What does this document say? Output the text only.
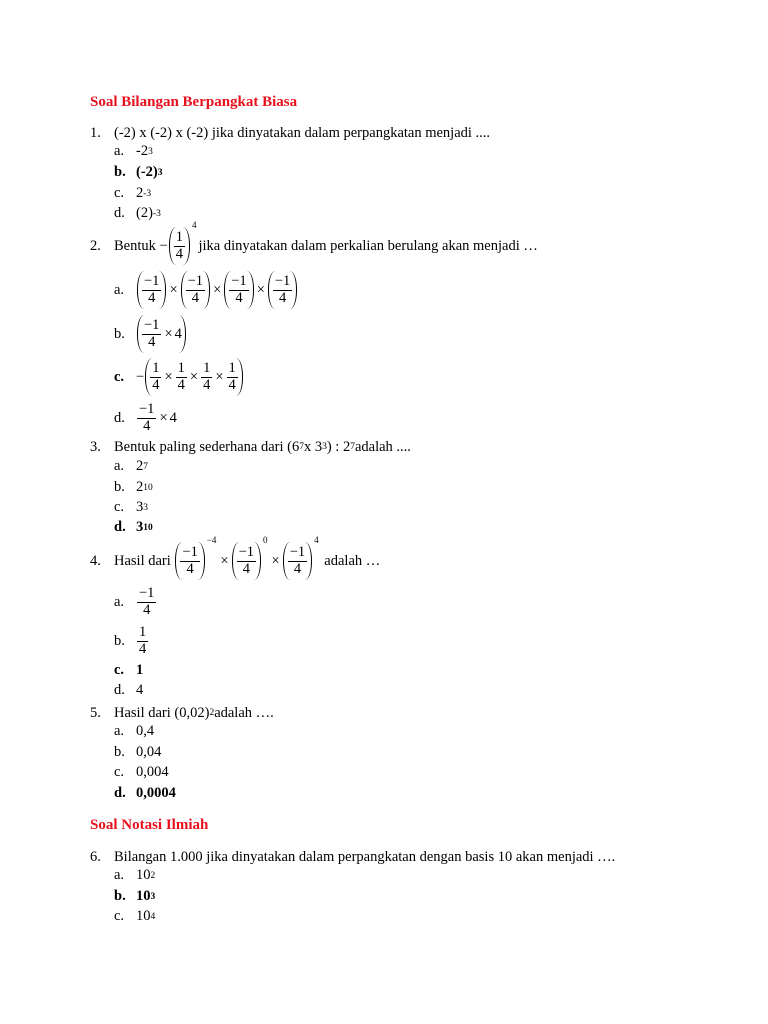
Soal Bilangan Berpangkat Biasa
1. (-2) x (-2) x (-2) jika dinyatakan dalam perpangkatan menjadi ....
a. -2 3
b. (-2) 3
c. 2 -3
d. (2) -3
2. Bentuk
−
1
4
4
jika dinyatakan dalam perkalian berulang akan menjadi …
a.
−1
4 ×
−1
4 ×
−1
4 ×
−1
4
b.	$\frac{-1}{4} \times 4$
c. − $\frac{1}{4} \times \frac{1}{4} \times \frac{1}{4} \times \frac{1}{4}$
d. $\frac{-1}{4} \times 4$
3. Bentuk paling sederhana dari (6 7 x 3 3 ) : 2 7 adalah ....
a. 2 7
b. 2 10
c. 3 3
d. 3 10
4. Hasil dari

−1
4
−4
×
−1
4
0
×
−1
4
4

adalah …
a.
−1
4
b.
1
4
c. 1
d. 4
5. Hasil dari (0,02) 2 adalah ….
a. 0,4
b. 0,04
c. 0,004
d. 0,0004
Soal Notasi Ilmiah
6. Bilangan 1.000 jika dinyatakan dalam perpangkatan dengan basis 10 akan menjadi ….
a. 10 2
b. 10 3
c. 10 4
